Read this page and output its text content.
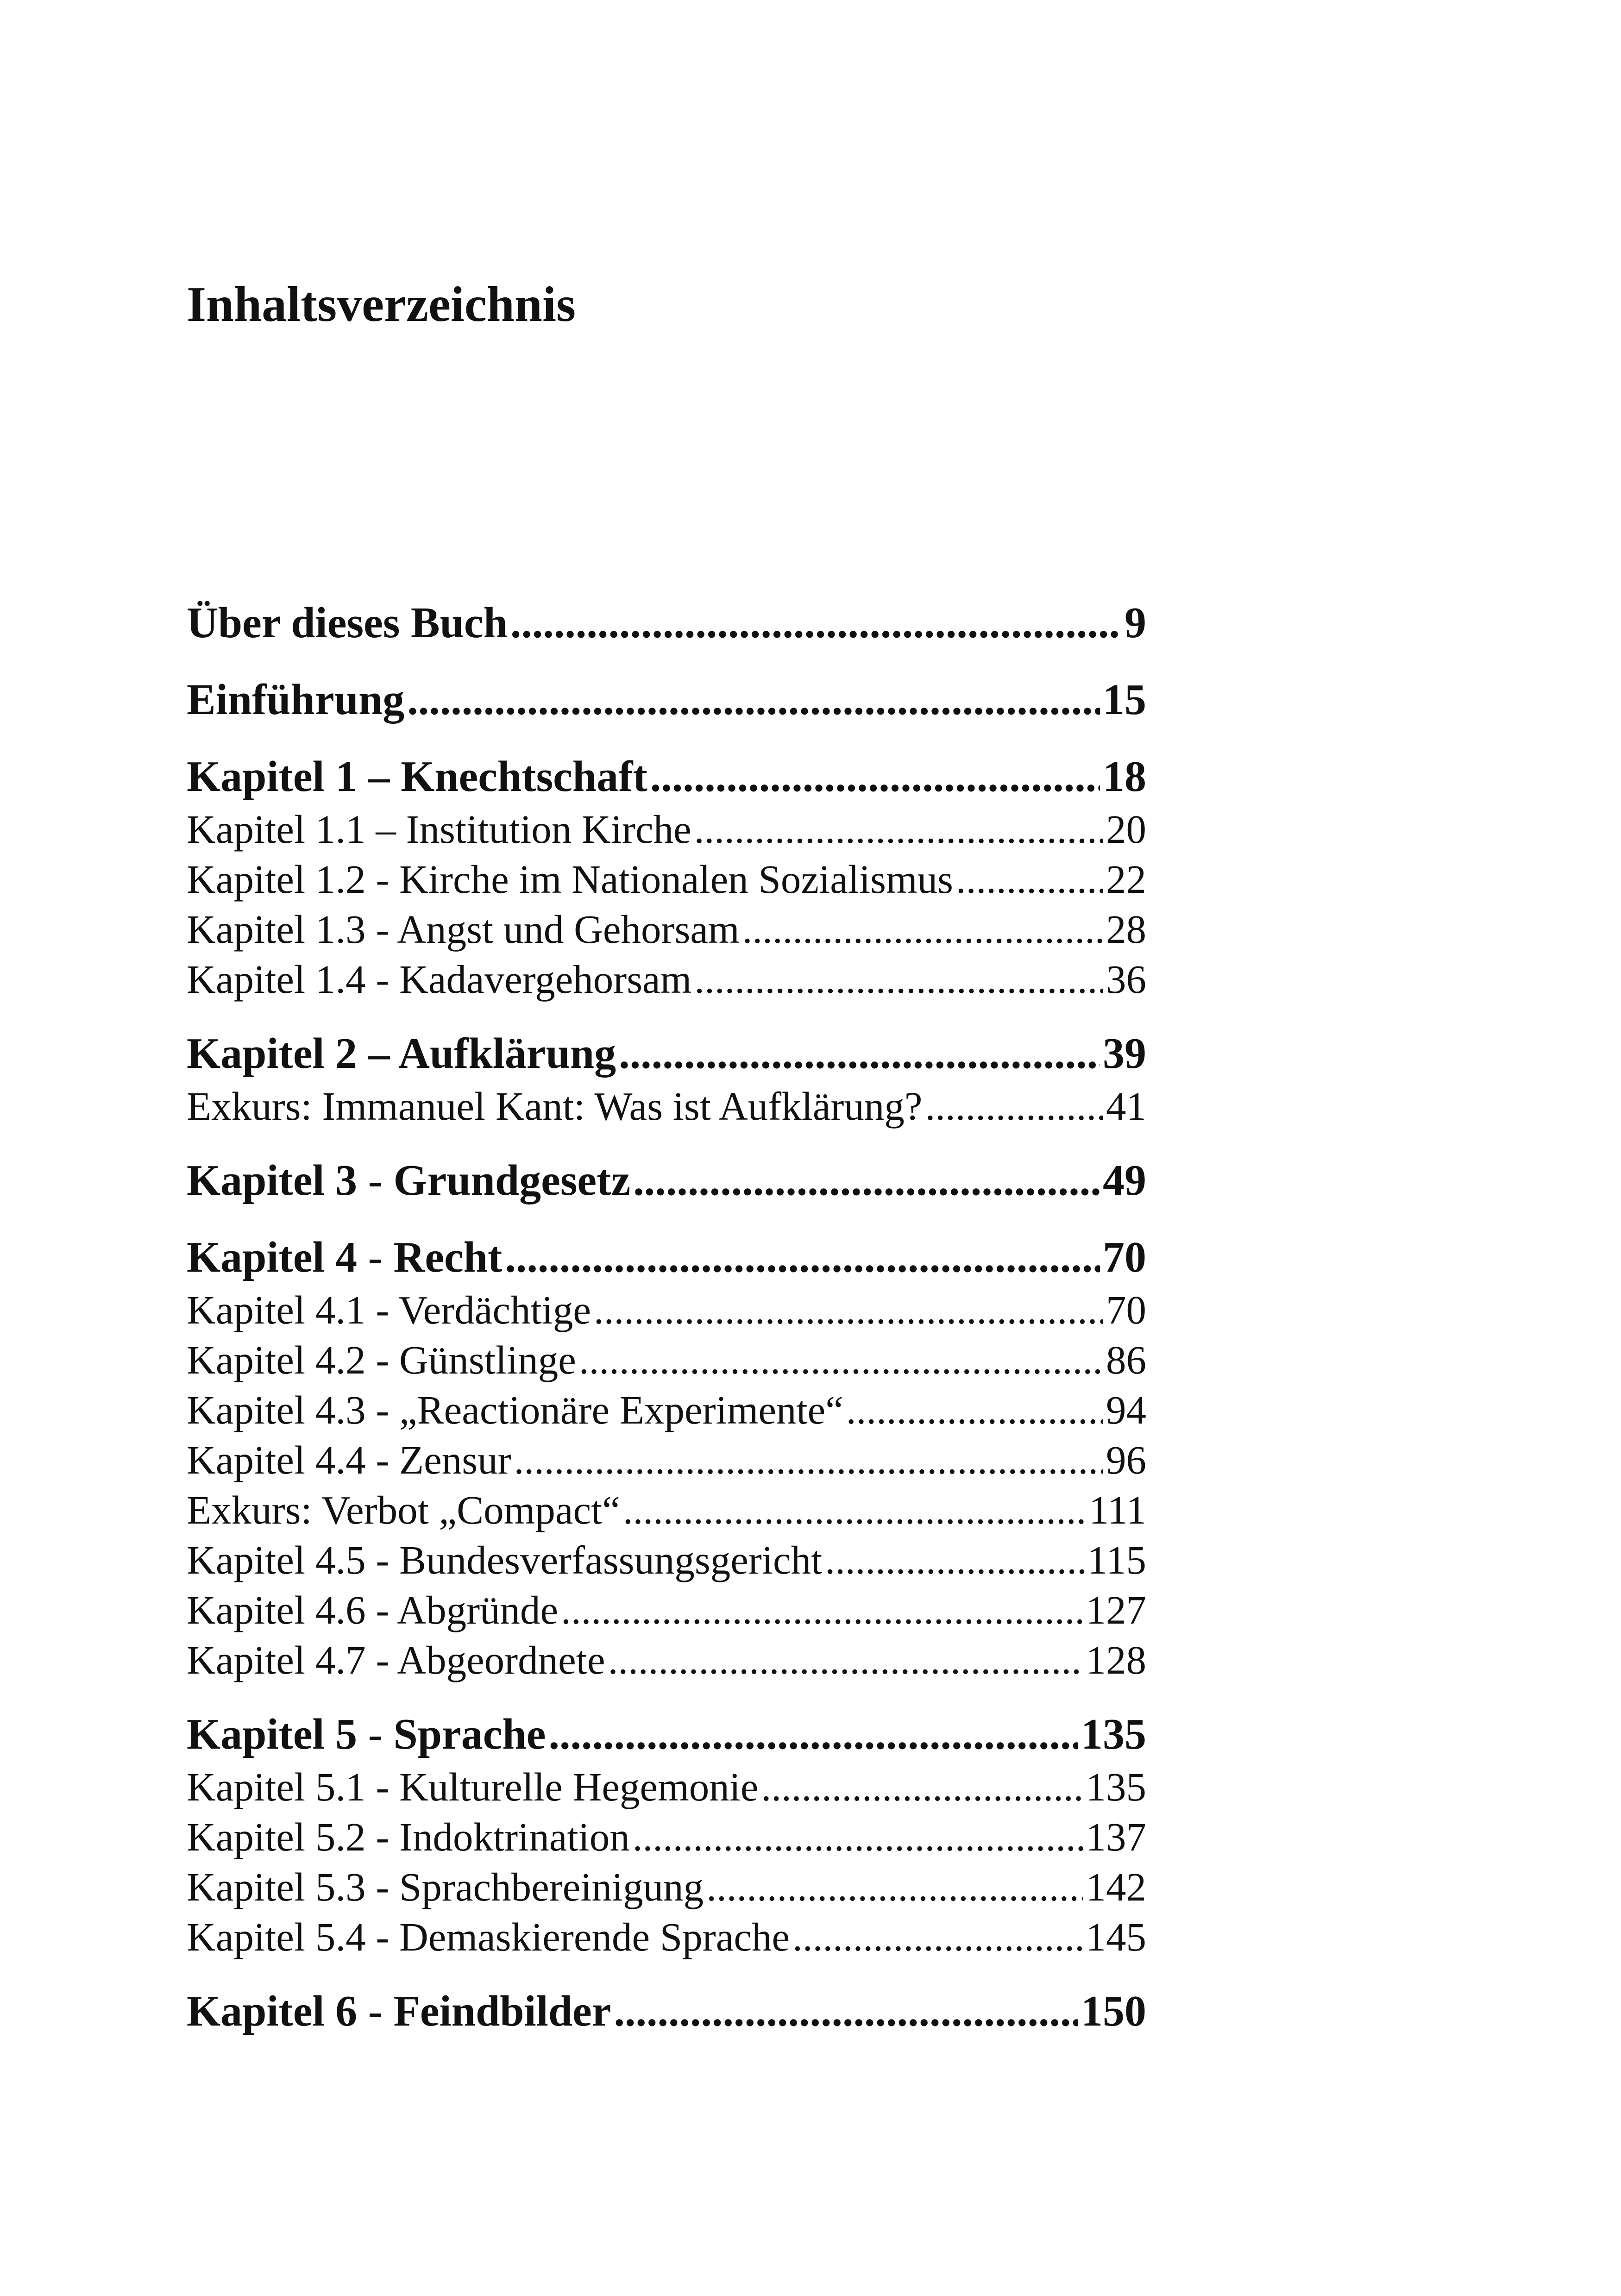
Inhaltsverzeichnis
Über dieses Buch .....	9
Einführung .....	15
Kapitel 1 – Knechtschaft .....	18
Kapitel 1.1 – Institution Kirche .....	20
Kapitel 1.2 - Kirche im Nationalen Sozialismus .....	22
Kapitel 1.3 - Angst und Gehorsam .....	28
Kapitel 1.4 - Kadavergehorsam .....	36
Kapitel 2 – Aufklärung .....	39
Exkurs: Immanuel Kant: Was ist Aufklärung? .....	41
Kapitel 3 - Grundgesetz .....	49
Kapitel 4 - Recht .....	70
Kapitel 4.1 - Verdächtige .....	70
Kapitel 4.2 - Günstlinge .....	86
Kapitel 4.3 - „Reactionäre Experimente“ .....	94
Kapitel 4.4 - Zensur .....	96
Exkurs: Verbot „Compact“ .....	111
Kapitel 4.5 - Bundesverfassungsgericht .....	115
Kapitel 4.6 - Abgründe .....	127
Kapitel 4.7 - Abgeordnete .....	128
Kapitel 5 - Sprache .....	135
Kapitel 5.1 - Kulturelle Hegemonie .....	135
Kapitel 5.2 - Indoktrination .....	137
Kapitel 5.3 - Sprachbereinigung .....	142
Kapitel 5.4 - Demaskierende Sprache .....	145
Kapitel 6 - Feindbilder .....	150
